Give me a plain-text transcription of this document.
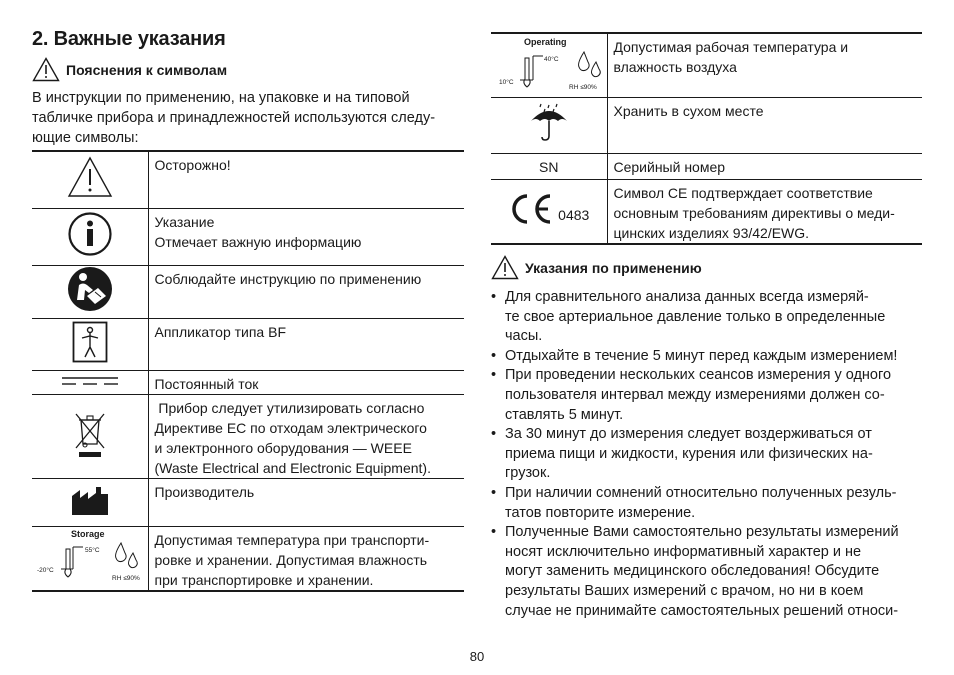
2. Важные указания
Пояснения к символам

В инструкции по применению, на упаковке и на типовой
табличке прибора и принадлежностей используются следу-
ющие символы:

Осторожно!

Указание
Отмечает важную информацию

Соблюдайте инструкцию по применению

Аппликатор типа BF

Постоянный ток

Прибор следует утилизировать согласно
Директиве ЕС по отходам электрического
и электронного оборудования — WEEE
(Waste Electrical and Electronic Equipment).

Производитель

Storage
55°C
-20°C
RH ≤90%	Допустимая температура при транспорти-
ровке и хранении. Допустимая влажность
при транспортировке и хранении.
Operating
40°C
10°C
RH ≤90%	Допустимая рабочая температура и
влажность воздуха

Хранить в сухом месте

SN	Серийный номер

0483	Символ CE подтверждает соответствие
основным требованиям директивы о меди-
цинских изделиях 93/42/EWG.
Указания по применению
• Для сравнительного анализа данных всегда измеряй-
те свое артериальное давление только в определенные
часы.
• Отдыхайте в течение 5 минут перед каждым измерением!
• При проведении нескольких сеансов измерения у одного
пользователя интервал между измерениями должен со-
ставлять 5 минут.
• За 30 минут до измерения следует воздерживаться от
приема пищи и жидкости, курения или физических на-
грузок.
• При наличии сомнений относительно полученных резуль-
татов повторите измерение.
• Полученные Вами самостоятельно результаты измерений
носят исключительно информативный характер и не
могут заменить медицинского обследования! Обсудите
результаты Ваших измерений с врачом, но ни в коем
случае не принимайте самостоятельных решений относи-
80
